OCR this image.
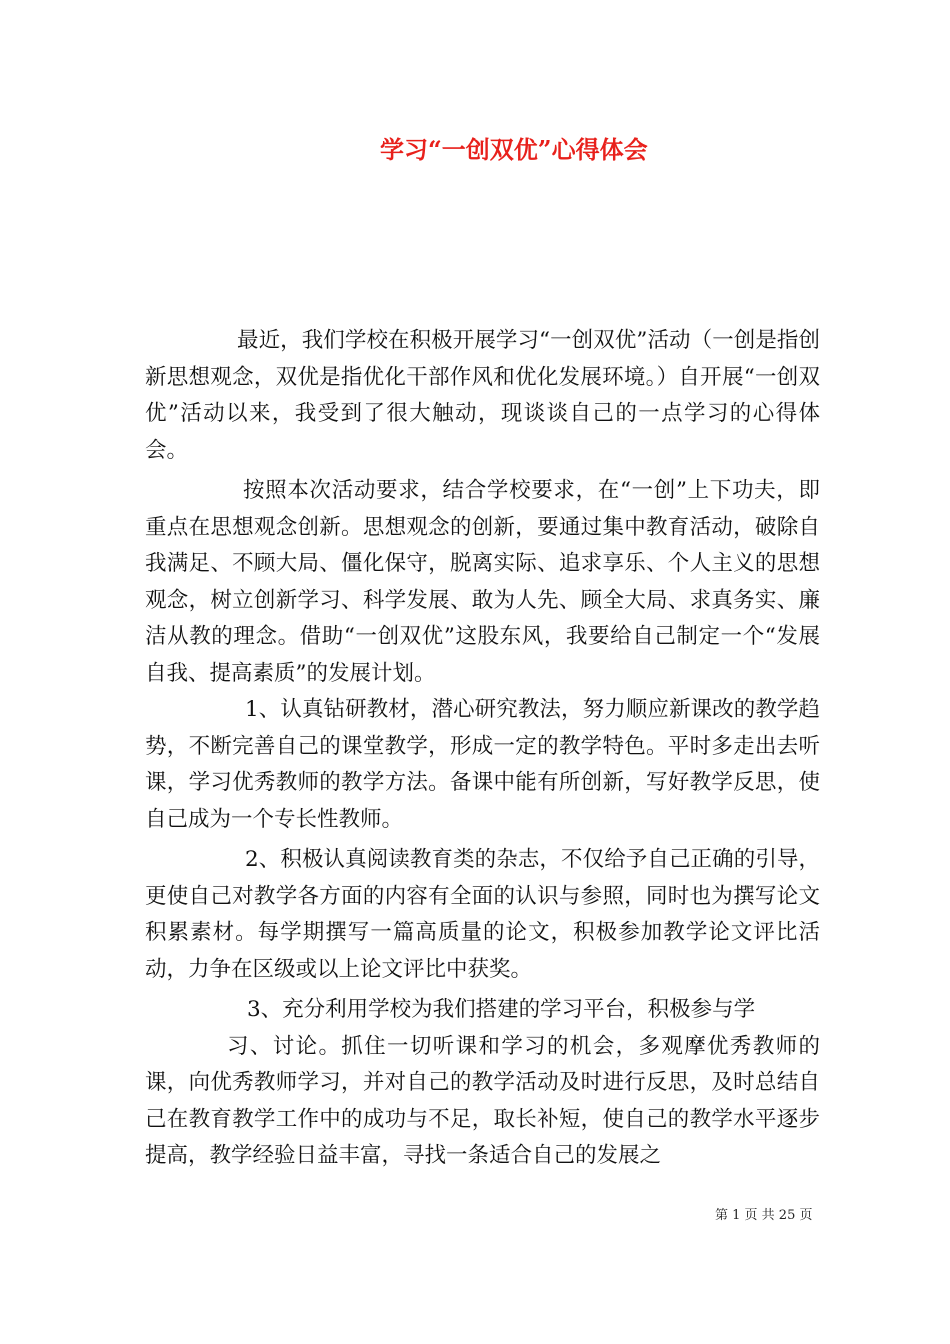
学习“一创双优”心得体会

最近，我们学校在积极开展学习“一创双优”活动（一创是指创新思想观念，双优是指优化干部作风和优化发展环境。）自开展“一创双优”活动以来，我受到了很大触动，现谈谈自己的一点学习的心得体会。

按照本次活动要求，结合学校要求，在“一创”上下功夫，即重点在思想观念创新。思想观念的创新，要通过集中教育活动，破除自我满足、不顾大局、僵化保守，脱离实际、追求享乐、个人主义的思想观念，树立创新学习、科学发展、敢为人先、顾全大局、求真务实、廉洁从教的理念。借助“一创双优”这股东风，我要给自己制定一个“发展自我、提高素质”的发展计划。

1、认真钻研教材，潜心研究教法，努力顺应新课改的教学趋势，不断完善自己的课堂教学，形成一定的教学特色。平时多走出去听课，学习优秀教师的教学方法。备课中能有所创新，写好教学反思，使自己成为一个专长性教师。

2、积极认真阅读教育类的杂志，不仅给予自己正确的引导，更使自己对教学各方面的内容有全面的认识与参照，同时也为撰写论文积累素材。每学期撰写一篇高质量的论文，积极参加教学论文评比活动，力争在区级或以上论文评比中获奖。

3、充分利用学校为我们搭建的学习平台，积极参与学

习、讨论。抓住一切听课和学习的机会，多观摩优秀教师的课，向优秀教师学习，并对自己的教学活动及时进行反思，及时总结自己在教育教学工作中的成功与不足，取长补短，使自己的教学水平逐步提高，教学经验日益丰富，寻找一条适合自己的发展之

第 1 页 共 25 页
